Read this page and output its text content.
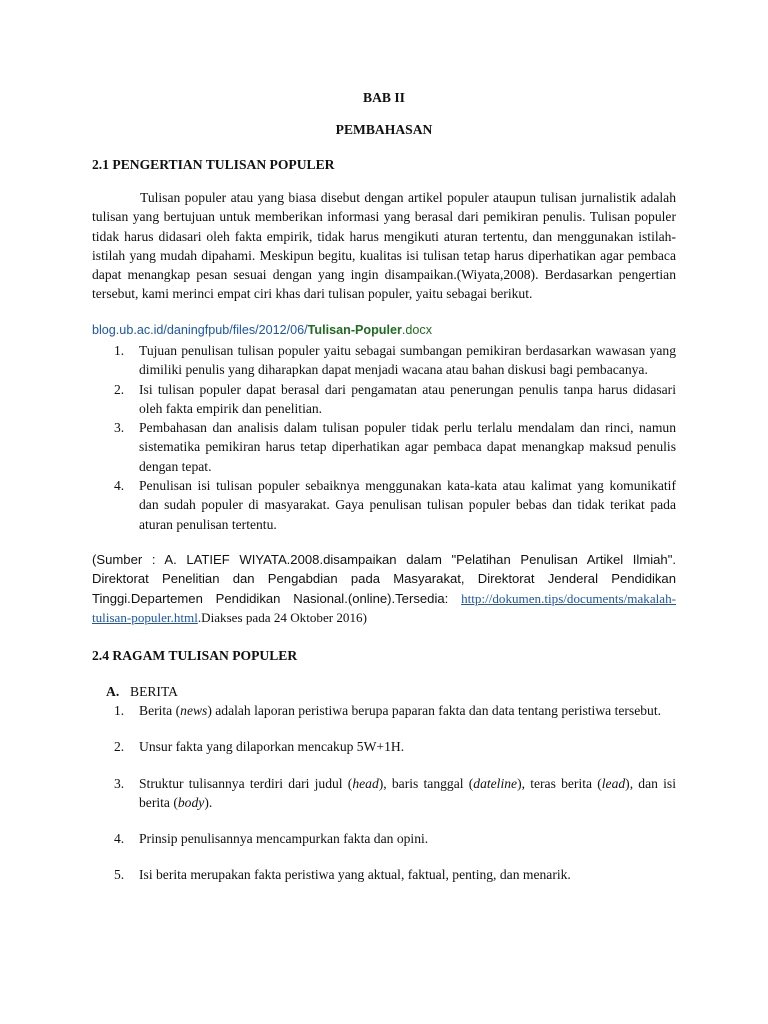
BAB II
PEMBAHASAN
2.1 PENGERTIAN TULISAN POPULER
Tulisan populer atau yang biasa disebut dengan artikel populer ataupun tulisan jurnalistik adalah tulisan yang bertujuan untuk memberikan informasi yang berasal dari pemikiran penulis. Tulisan populer tidak harus didasari oleh fakta empirik, tidak harus mengikuti aturan tertentu, dan menggunakan istilah-istilah yang mudah dipahami. Meskipun begitu, kualitas isi tulisan tetap harus diperhatikan agar pembaca dapat menangkap pesan sesuai dengan yang ingin disampaikan.(Wiyata,2008). Berdasarkan pengertian tersebut, kami merinci empat ciri khas dari tulisan populer, yaitu sebagai berikut.
blog.ub.ac.id/daningfpub/files/2012/06/Tulisan-Populer.docx
1.	Tujuan penulisan tulisan populer yaitu sebagai sumbangan pemikiran berdasarkan wawasan yang dimiliki penulis yang diharapkan dapat menjadi wacana atau bahan diskusi bagi pembacanya.
2.	Isi tulisan populer dapat berasal dari pengamatan atau penerungan penulis tanpa harus didasari oleh fakta empirik dan penelitian.
3.	Pembahasan dan analisis dalam tulisan populer tidak perlu terlalu mendalam dan rinci, namun sistematika pemikiran harus tetap diperhatikan agar pembaca dapat menangkap maksud penulis dengan tepat.
4.	Penulisan isi tulisan populer sebaiknya menggunakan kata-kata atau kalimat yang komunikatif dan sudah populer di masyarakat. Gaya penulisan tulisan populer bebas dan tidak terikat pada aturan penulisan tertentu.
(Sumber : A. LATIEF WIYATA.2008.disampaikan dalam "Pelatihan Penulisan Artikel Ilmiah". Direktorat Penelitian dan Pengabdian pada Masyarakat, Direktorat Jenderal Pendidikan Tinggi.Departemen Pendidikan Nasional.(online).Tersedia: http://dokumen.tips/documents/makalah-tulisan-populer.html.Diakses pada 24 Oktober 2016)
2.4 RAGAM TULISAN POPULER
A. BERITA
1.	Berita (news) adalah laporan peristiwa berupa paparan fakta dan data tentang peristiwa tersebut.
2.	Unsur fakta yang dilaporkan mencakup 5W+1H.
3.	Struktur tulisannya terdiri dari judul (head), baris tanggal (dateline), teras berita (lead), dan isi berita (body).
4.	Prinsip penulisannya mencampurkan fakta dan opini.
5.	Isi berita merupakan fakta peristiwa yang aktual, faktual, penting, dan menarik.
